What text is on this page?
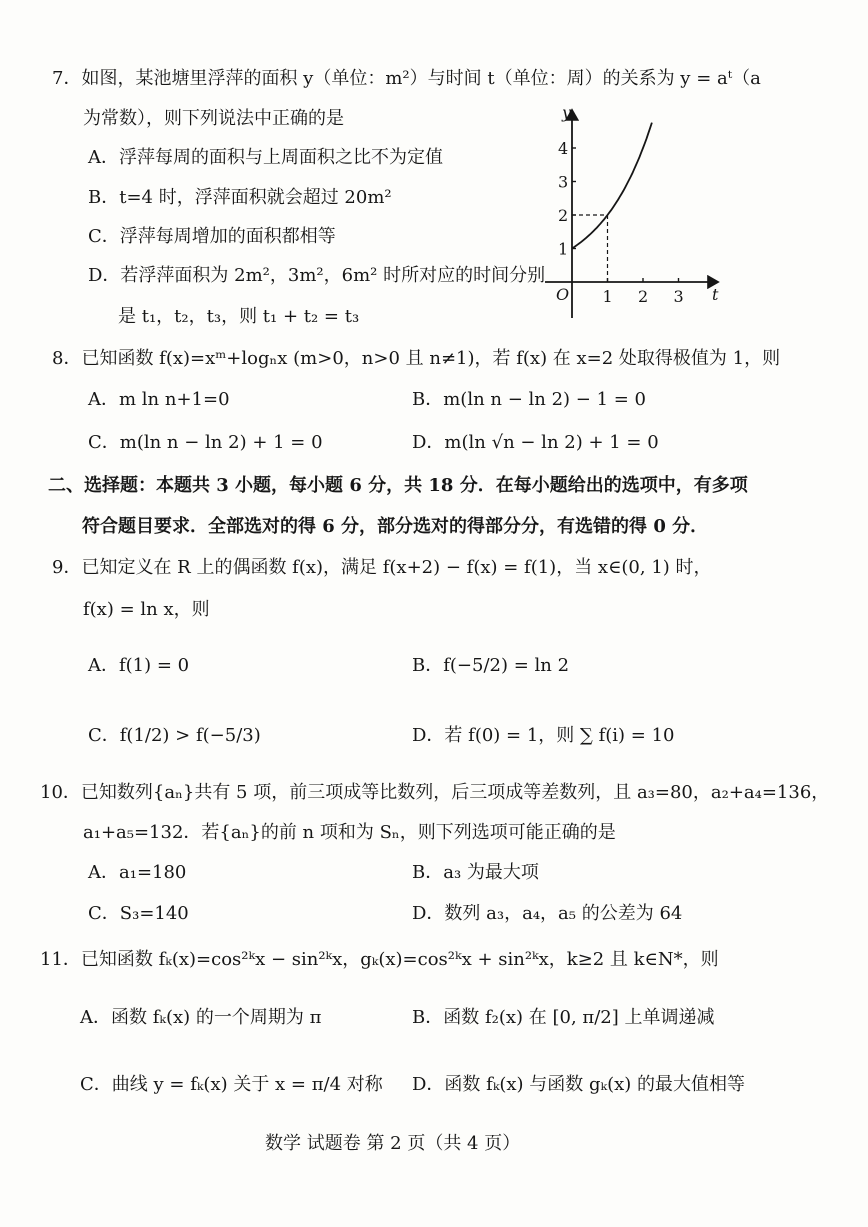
7．如图，某池塘里浮萍的面积 y（单位：m²）与时间 t（单位：周）的关系为 y = aᵗ（a
为常数），则下列说法中正确的是
A．浮萍每周的面积与上周面积之比不为定值
B．t=4 时，浮萍面积就会超过 20m²
C．浮萍每周增加的面积都相等
D．若浮萍面积为 2m²，3m²，6m² 时所对应的时间分别
是 t₁，t₂，t₃，则 t₁ + t₂ = t₃
1 2 3
1
2
3
4
O	t
y
8．已知函数 f(x)=xᵐ+logₙx (m>0，n>0 且 n≠1)，若 f(x) 在 x=2 处取得极值为 1，则
A．m ln n+1=0	B．m(ln n − ln 2) − 1 = 0
C．m(ln n − ln 2) + 1 = 0	D．m(ln √n − ln 2) + 1 = 0
二、选择题：本题共 3 小题，每小题 6 分，共 18 分．在每小题给出的选项中，有多项
符合题目要求．全部选对的得 6 分，部分选对的得部分分，有选错的得 0 分．
9．已知定义在 R 上的偶函数 f(x)，满足 f(x+2) − f(x) = f(1)，当 x∈(0, 1) 时，
f(x) = ln x，则
A．f(1) = 0	B．f(−5/2) = ln 2
C．f(1/2) > f(−5/3)	D．若 f(0) = 1，则 ∑ f(i) = 10
10．已知数列{aₙ}共有 5 项，前三项成等比数列，后三项成等差数列，且 a₃=80，a₂+a₄=136，
a₁+a₅=132．若{aₙ}的前 n 项和为 Sₙ，则下列选项可能正确的是
A．a₁=180	B．a₃ 为最大项
C．S₃=140	D．数列 a₃，a₄，a₅ 的公差为 64
11．已知函数 fₖ(x)=cos²ᵏx − sin²ᵏx，gₖ(x)=cos²ᵏx + sin²ᵏx，k≥2 且 k∈N*，则
A．函数 fₖ(x) 的一个周期为 π	B．函数 f₂(x) 在 [0, π/2] 上单调递减
C．曲线 y = fₖ(x) 关于 x = π/4 对称 D．函数 fₖ(x) 与函数 gₖ(x) 的最大值相等
数学 试题卷 第 2 页（共 4 页）
